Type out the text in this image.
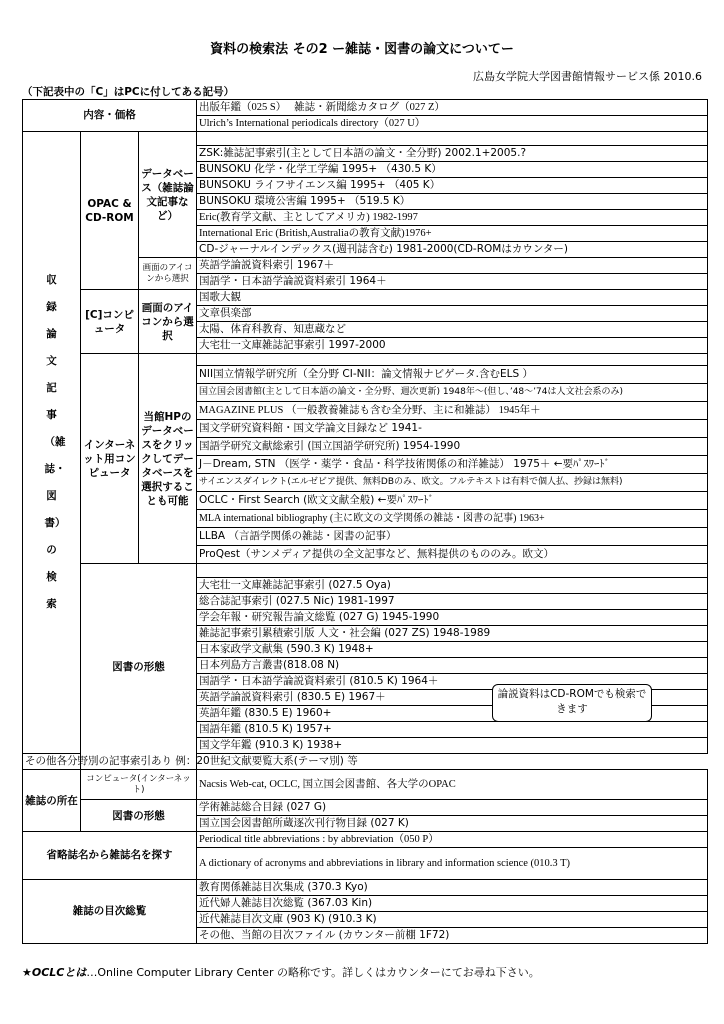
資料の検索法 その2 ー雑誌・図書の論文についてー
広島女学院大学図書館情報サービス係 2010.6
（下記表中の「C」はPCに付してある記号）
内容・価格			出版年鑑（025 S）　 雑誌・新聞総カタログ（027 Z）
			Ulrich’s International periodicals directory（027 U）
収録論文記事（雑誌・図書）の検索	OPAC & CD-ROM	データベース（雑誌論文記事など）	
			ZSK:雑誌記事索引(主として日本語の論文・全分野) 2002.1+2005.?
			BUNSOKU 化学・化学工学編 1995+ （430.5 K）
			BUNSOKU ライフサイエンス編 1995+ （405 K）
			BUNSOKU 環境公害編 1995+ （519.5 K）
			Eric(教育学文献、主としてアメリカ) 1982-1997
			International Eric (British,Australiaの教育文献)1976+
			CD-ジャーナルインデックス(週刊誌含む) 1981-2000(CD-ROMはカウンター)
		画面のアイコンから選択	英語学論説資料索引 1967＋
			国語学・日本語学論説資料索引 1964＋
	[C]コンピュータ	画面のアイコンから選択	国歌大観
			文章倶楽部
			太陽、体育科教育、知恵蔵など
			大宅壮一文庫雑誌記事索引 1997-2000
	インターネット用コンピュータ	当館HPのデータベースをクリックしてデータベースを選択することも可能	
			NII国立情報学研究所（全分野 CI-NII：論文情報ナビゲータ.含むELS ）
			国立国会図書館(主として日本語の論文・全分野、週次更新) 1948年〜(但し、’48〜’74は人文社会系のみ)
			MAGAZINE PLUS （一般教養雑誌も含む全分野、主に和雑誌） 1945年＋
			国文学研究資料館・国文学論文目録など 1941-
			国語学研究文献総索引 (国立国語学研究所) 1954-1990
			J－Dream, STN （医学・薬学・食品・科学技術関係の和洋雑誌） 1975＋ ←要ﾊﾟｽﾜｰﾄﾞ
			サイエンスダイレクト(エルゼビア提供、無料DBのみ、欧文。フルテキストは有料で個人払、抄録は無料)
			OCLC・First Search (欧文文献全般) ←要ﾊﾟｽﾜｰﾄﾞ
			MLA international bibliography (主に欧文の文学関係の雑誌・図書の記事) 1963+
			LLBA （言語学関係の雑誌・図書の記事）
			ProQest（サンメディア提供の全文記事など、無料提供のもののみ。欧文）
	図書の形態		
			大宅壮一文庫雑誌記事索引 (027.5 Oya)
			総合誌記事索引 (027.5 Nic) 1981-1997
			学会年報・研究報告論文総覧 (027 G) 1945-1990
			雑誌記事索引累積索引版 人文・社会編 (027 ZS) 1948-1989
			日本家政学文献集 (590.3 K) 1948+
			日本列島方言叢書(818.08 N)
			国語学・日本語学論説資料索引 (810.5 K) 1964＋
			英語学論説資料索引 (830.5 E) 1967＋
			英語年鑑 (830.5 E) 1960+
			国語年鑑 (810.5 K) 1957+
			国文学年鑑 (910.3 K) 1938+
その他各分野別の記事索引あり 例：20世紀文献要覧大系(テーマ別) 等			
雑誌の所在	コンピュータ(インターネット)		Nacsis Web-cat, OCLC, 国立国会図書館、各大学のOPAC
	図書の形態		学術雑誌総合目録 (027 G)
			国立国会図書館所蔵逐次刊行物目録 (027 K)
省略誌名から雑誌名を探す			Periodical title abbreviations : by abbreviation（050 P）
			A dictionary of acronyms and abbreviations in library and information science (010.3 T)
雑誌の目次総覧			教育関係雑誌目次集成 (370.3 Kyo)
			近代婦人雑誌目次総覧 (367.03 Kin)
			近代雑誌目次文庫 (903 K) (910.3 K)
			その他、当館の目次ファイル (カウンター前棚 1F72)
論説資料はCD-ROMでも検索できます
★OCLCとは…Online Computer Library Center の略称です。詳しくはカウンターにてお尋ね下さい。
